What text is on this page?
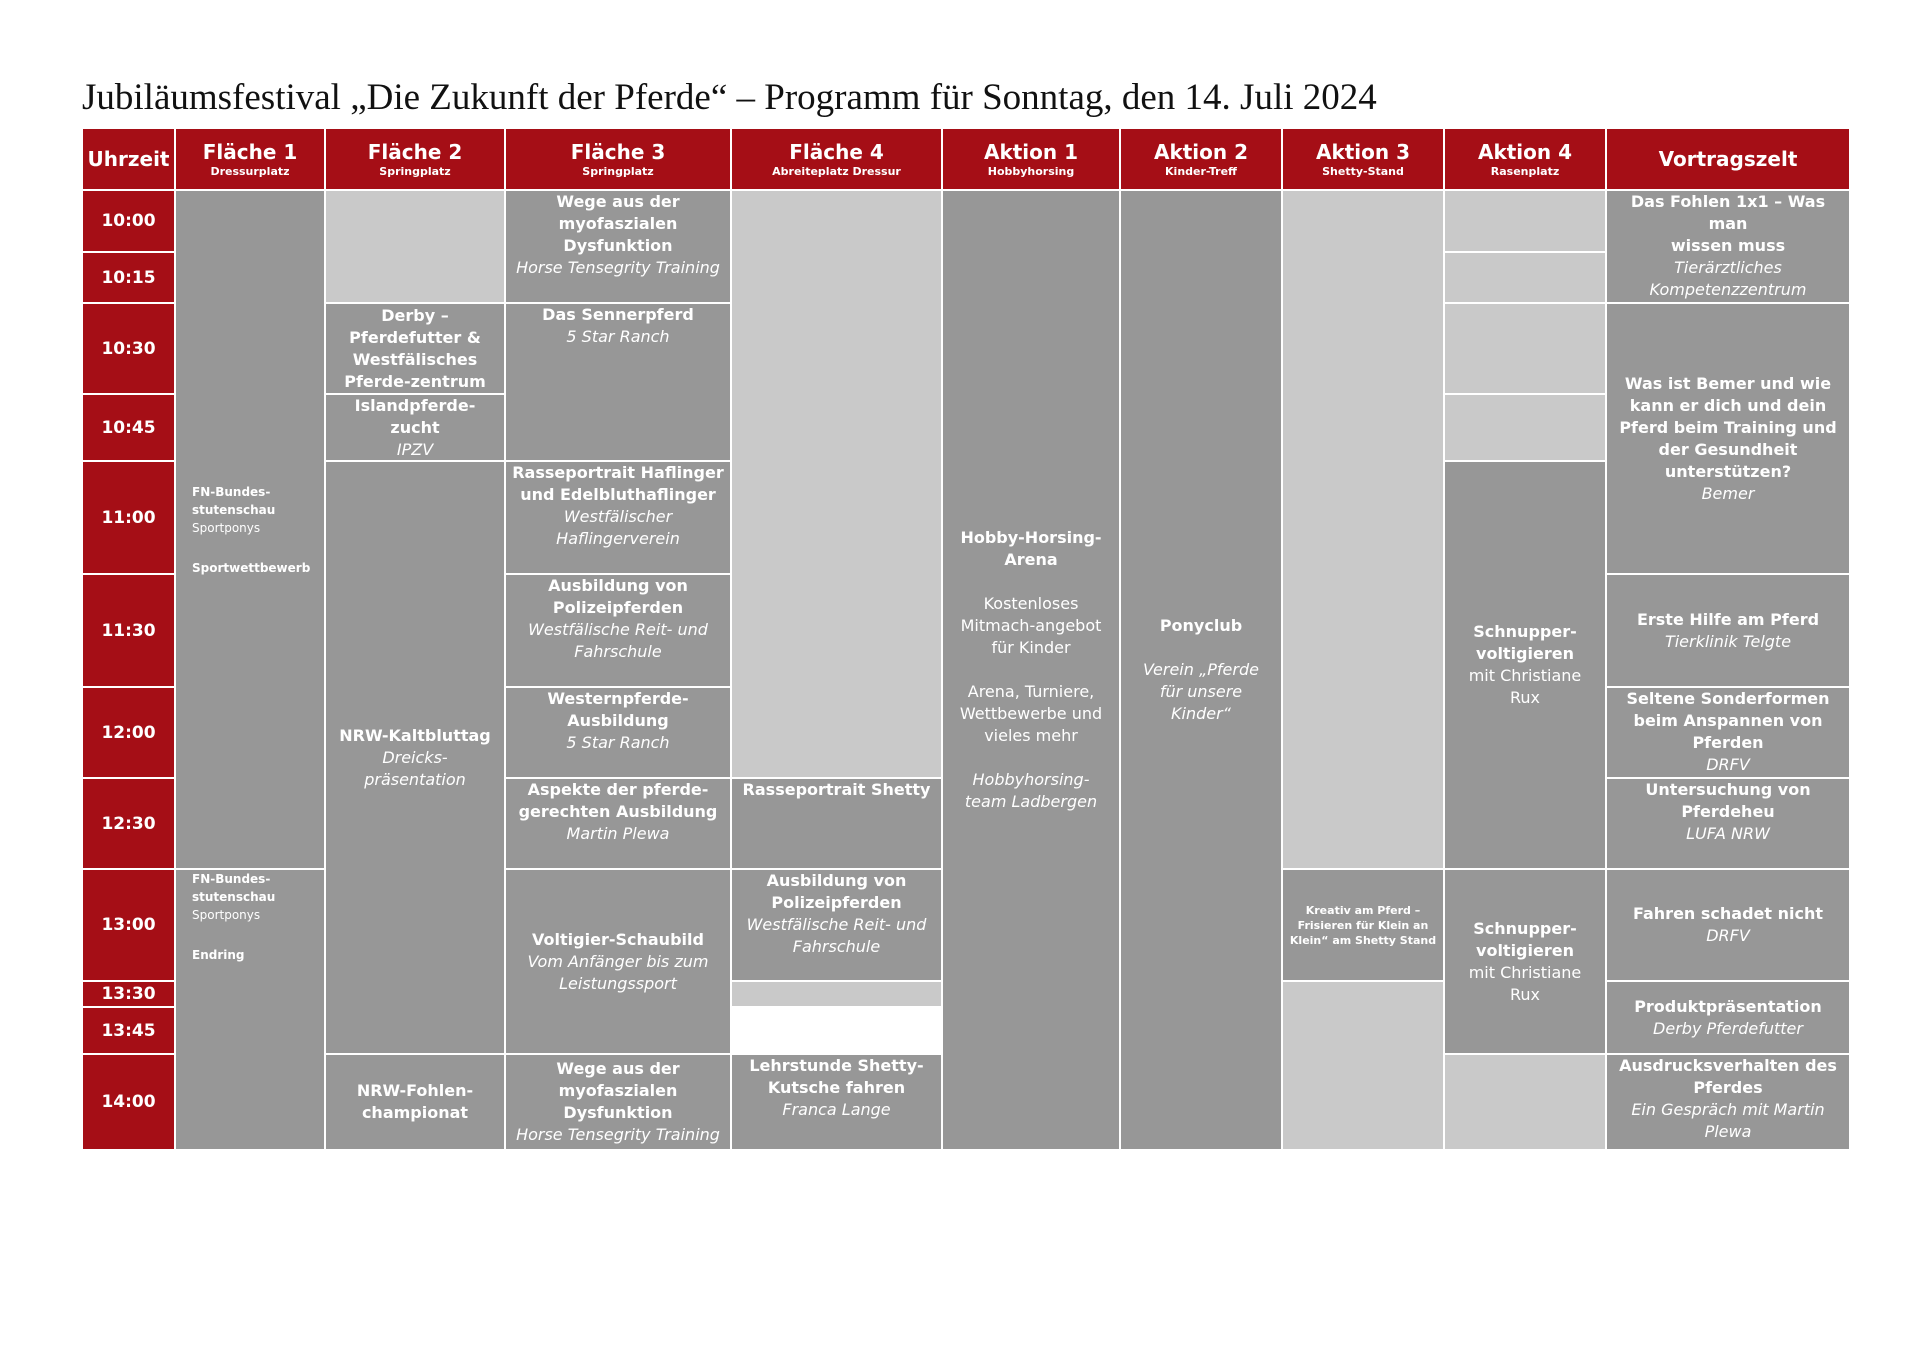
Jubiläumsfestival „Die Zukunft der Pferde“ – Programm für Sonntag, den 14. Juli 2024
Uhrzeit Fläche 1
Dressurplatz
Fläche 2
Springplatz
Fläche 3
Springplatz
Fläche 4
Abreiteplatz Dressur
Aktion 1
Hobbyhorsing
Aktion 2
Kinder-Treff
Aktion 3
Shetty-Stand
Aktion 4
Rasenplatz	Vortragszelt
10:00
10:15
10:30
10:45
11:00
11:30
12:00
12:30
13:00
13:30
13:45
14:00
FN-Bundes-
stutenschau
Sportponys
Sportwettbewerb
FN-Bundes-
stutenschau
Sportponys
Endring
Derby –
Pferdefutter &
Westfälisches
Pferde-zentrum
Islandpferde-
zucht
IPZV
NRW-Kaltbluttag
Dreicks-
präsentation
NRW-Fohlen-
championat
Wege aus der
myofaszialen
Dysfunktion
Horse Tensegrity Training
Das Sennerpferd
5 Star Ranch
Rasseportrait Haflinger
und Edelbluthaflinger
Westfälischer
Haflingerverein
Ausbildung von
Polizeipferden
Westfälische Reit- und
Fahrschule
Westernpferde-
Ausbildung
5 Star Ranch
Aspekte der pferde-
gerechten Ausbildung
Martin Plewa
Voltigier-Schaubild
Vom Anfänger bis zum
Leistungssport
Wege aus der
myofaszialen
Dysfunktion
Horse Tensegrity Training
Rasseportrait Shetty
Ausbildung von
Polizeipferden
Westfälische Reit- und
Fahrschule
Lehrstunde Shetty-
Kutsche fahren
Franca Lange
Hobby-Horsing-
Arena
Kostenloses
Mitmach-angebot
für Kinder
Arena, Turniere,
Wettbewerbe und
vieles mehr
Hobbyhorsing-
team Ladbergen
Ponyclub
Verein „Pferde
für unsere
Kinder“
Kreativ am Pferd –
Frisieren für Klein an
Klein“ am Shetty Stand
Schnupper-
voltigieren
mit Christiane
Rux
Schnupper-
voltigieren
mit Christiane
Rux
Das Fohlen 1x1 – Was man
wissen muss
Tierärztliches
Kompetenzzentrum
Was ist Bemer und wie
kann er dich und dein
Pferd beim Training und
der Gesundheit
unterstützen?
Bemer
Erste Hilfe am Pferd
Tierklinik Telgte
Seltene Sonderformen
beim Anspannen von
Pferden
DRFV
Untersuchung von
Pferdeheu
LUFA NRW
Fahren schadet nicht
DRFV
Produktpräsentation
Derby Pferdefutter
Ausdrucksverhalten des
Pferdes
Ein Gespräch mit Martin
Plewa
